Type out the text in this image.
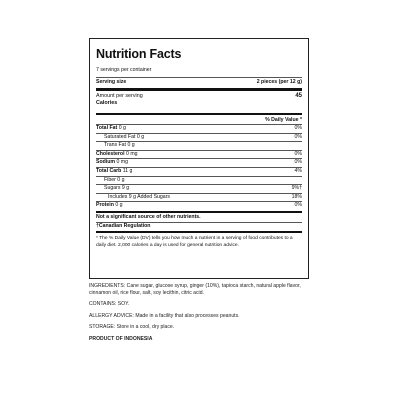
Nutrition Facts
7 servings per container
Serving size	2 pieces (per 12 g)
Amount per serving	45
Calories
% Daily Value *
Total Fat 0 g	0%
Saturated Fat 0 g	0%
Trans Fat 0 g
Cholesterol 0 mg	0%
Sodium 0 mg	0%
Total Carb 11 g	4%
Fiber 0 g
Sugars 9 g	9%†
Includes 9 g Added Sugars	18%
Protein 0 g	0%
Not a significant source of other nutrients.
†Canadian Regulation
* The % Daily Value (DV) tells you how much a nutrient in a serving of food contributes to a daily diet. 2,000 calories a day is used for general nutrition advice.

INGREDIENTS: Cane sugar, glucose syrup, ginger (10%), tapioca starch, natural apple flavor, cinnamon oil, rice flour, salt, soy lecithin, citric acid.

CONTAINS: SOY.

ALLERGY ADVICE: Made in a facility that also processes peanuts.

STORAGE: Store in a cool, dry place.

PRODUCT OF INDONESIA
